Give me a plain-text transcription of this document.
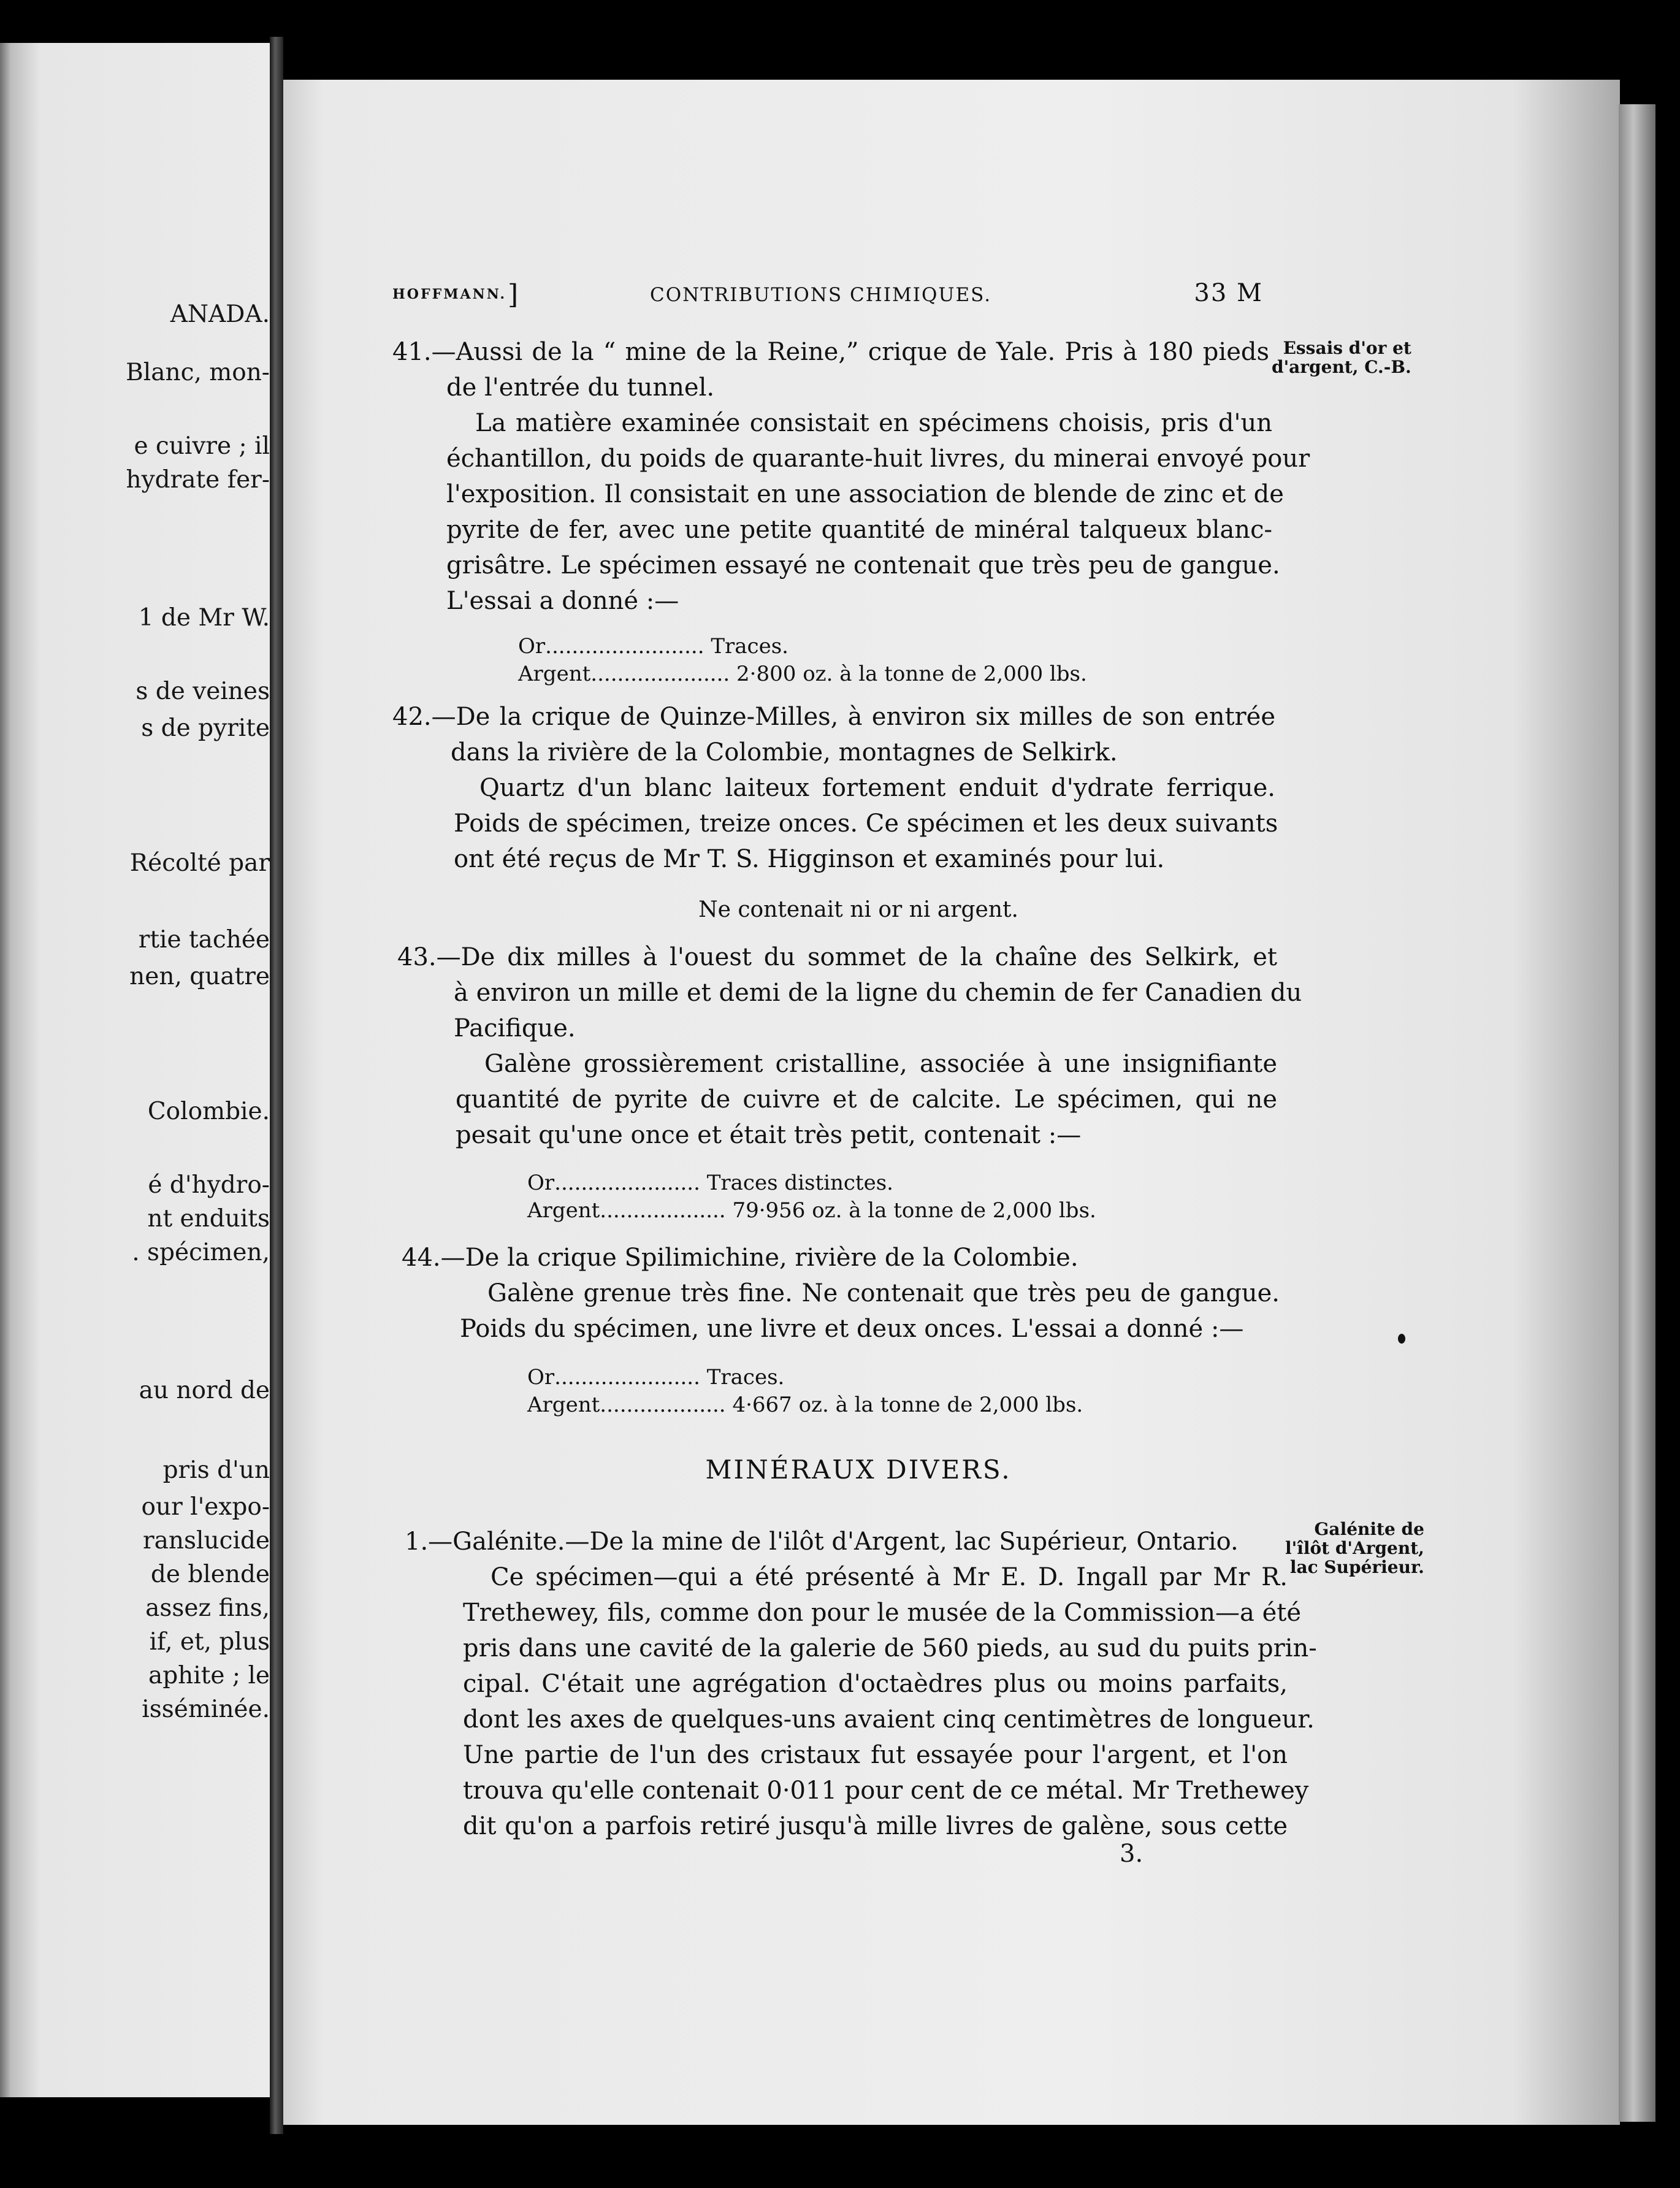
ANADA.
Blanc, mon-
e cuivre ; il
hydrate fer-
1 de Mr W.
s de veines
s de pyrite
Récolté par
rtie tachée
nen, quatre
Colombie.
é d'hydro-
nt enduits
. spécimen,
au nord de
pris d'un
our l'expo-
ranslucide
de blende
assez fins,
if, et, plus
aphite ; le
isséminée.
HOFFMANN. ]	CONTRIBUTIONS CHIMIQUES.	33 M
Essais d'or et
d'argent, C.-B.
Galénite de
l'îlôt d'Argent,
lac Supérieur.
41.—Aussi de la “ mine de la Reine,” crique de Yale. Pris à 180 pieds
de l'entrée du tunnel.
La matière examinée consistait en spécimens choisis, pris d'un
échantillon, du poids de quarante-huit livres, du minerai envoyé pour
l'exposition. Il consistait en une association de blende de zinc et de
pyrite de fer, avec une petite quantité de minéral talqueux blanc-
grisâtre. Le spécimen essayé ne contenait que très peu de gangue.
L'essai a donné :—
Or........................ Traces.
Argent..................... 2·800 oz. à la tonne de 2,000 lbs.
42.—De la crique de Quinze-Milles, à environ six milles de son entrée
dans la rivière de la Colombie, montagnes de Selkirk.
Quartz d'un blanc laiteux fortement enduit d'ydrate ferrique.
Poids de spécimen, treize onces. Ce spécimen et les deux suivants
ont été reçus de Mr T. S. Higginson et examinés pour lui.
Ne contenait ni or ni argent.
43.—De dix milles à l'ouest du sommet de la chaîne des Selkirk, et
à environ un mille et demi de la ligne du chemin de fer Canadien du
Pacifique.
Galène grossièrement cristalline, associée à une insignifiante
quantité de pyrite de cuivre et de calcite. Le spécimen, qui ne
pesait qu'une once et était très petit, contenait :—
Or...................... Traces distinctes.
Argent................... 79·956 oz. à la tonne de 2,000 lbs.
44.—De la crique Spilimichine, rivière de la Colombie.
Galène grenue très fine. Ne contenait que très peu de gangue.
Poids du spécimen, une livre et deux onces. L'essai a donné :—
Or...................... Traces.
Argent................... 4·667 oz. à la tonne de 2,000 lbs.
MINÉRAUX DIVERS.
1.—Galénite.—De la mine de l'ilôt d'Argent, lac Supérieur, Ontario.
Ce spécimen—qui a été présenté à Mr E. D. Ingall par Mr R.
Trethewey, fils, comme don pour le musée de la Commission—a été
pris dans une cavité de la galerie de 560 pieds, au sud du puits prin-
cipal. C'était une agrégation d'octaèdres plus ou moins parfaits,
dont les axes de quelques-uns avaient cinq centimètres de longueur.
Une partie de l'un des cristaux fut essayée pour l'argent, et l'on
trouva qu'elle contenait 0·011 pour cent de ce métal. Mr Trethewey
dit qu'on a parfois retiré jusqu'à mille livres de galène, sous cette
3.
